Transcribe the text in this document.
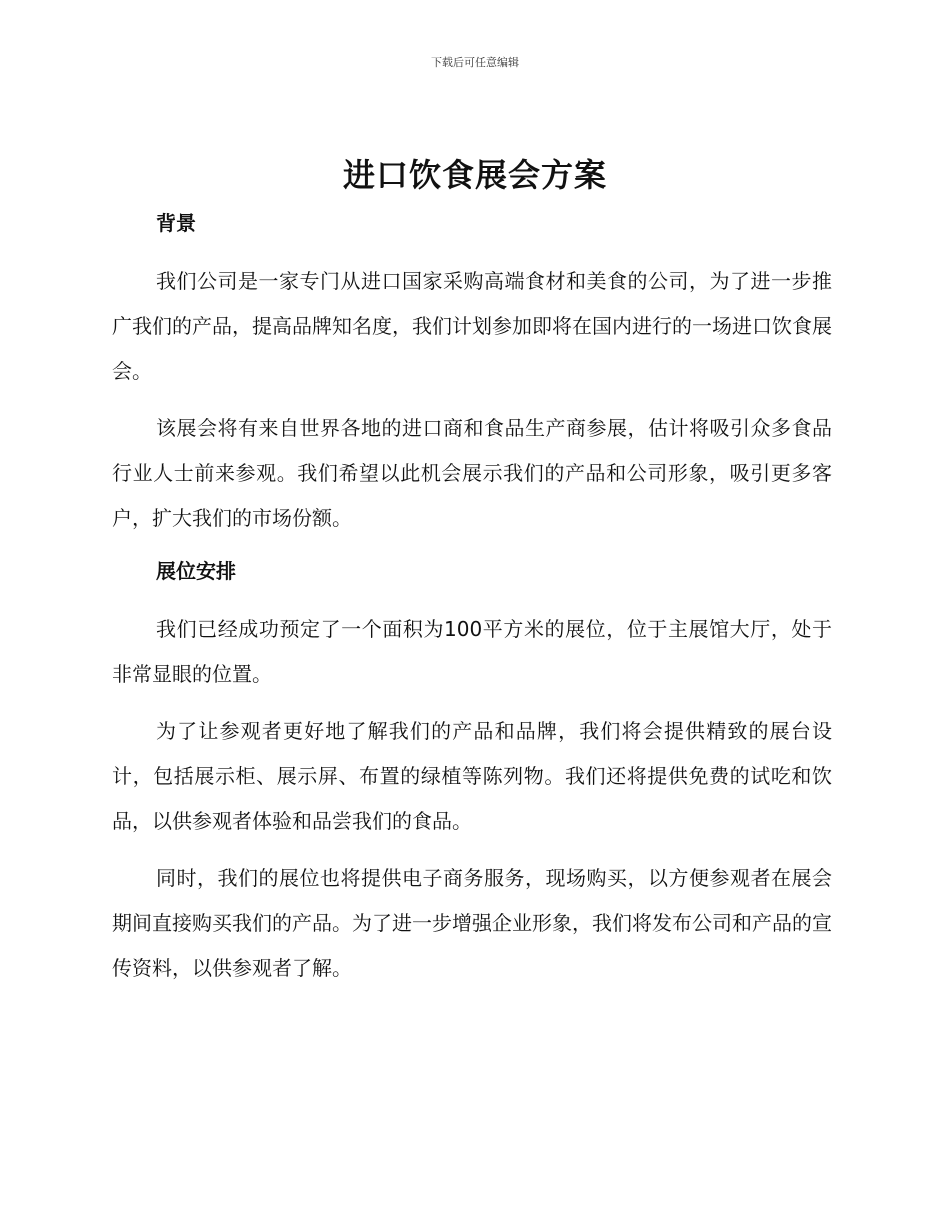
下载后可任意编辑
进口饮食展会方案
背景

我们公司是一家专门从进口国家采购高端食材和美食的公司，为了进一步推广我们的产品，提高品牌知名度，我们计划参加即将在国内进行的一场进口饮食展会。

该展会将有来自世界各地的进口商和食品生产商参展，估计将吸引众多食品行业人士前来参观。我们希望以此机会展示我们的产品和公司形象，吸引更多客户，扩大我们的市场份额。

展位安排

我们已经成功预定了一个面积为100平方米的展位，位于主展馆大厅，处于非常显眼的位置。

为了让参观者更好地了解我们的产品和品牌，我们将会提供精致的展台设计，包括展示柜、展示屏、布置的绿植等陈列物。我们还将提供免费的试吃和饮品，以供参观者体验和品尝我们的食品。

同时，我们的展位也将提供电子商务服务，现场购买，以方便参观者在展会期间直接购买我们的产品。为了进一步增强企业形象，我们将发布公司和产品的宣传资料，以供参观者了解。
